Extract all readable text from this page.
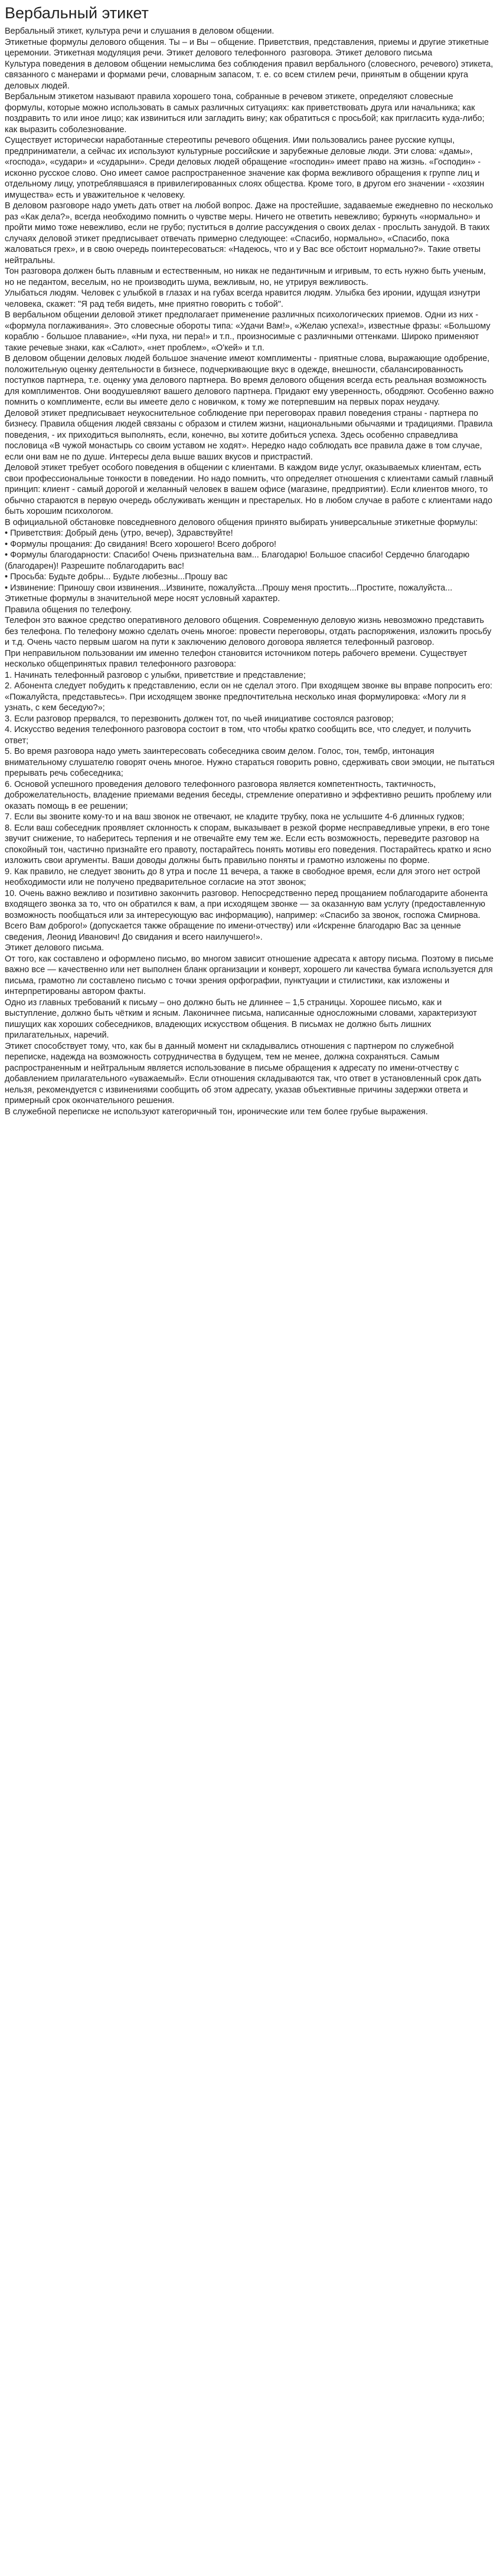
Вербальный этикет

Вербальный этикет, культура речи и слушания в деловом общении.

Этикетные формулы делового общения. Ты – и Вы – общение. Приветствия, представления, приемы и другие этикетные  церемонии. Этикетная модуляция речи. Этикет делового телефонного  разговора. Этикет делового письма

Культура поведения в деловом общении немыслима без соблюдения правил вербального (словесного, речевого) этикета, связанного с манерами и формами речи, словарным запасом, т. е. со всем стилем речи, принятым в общении круга деловых людей.

Вербальным этикетом называют правила хорошего тона, собранные в речевом этикете, определяют словесные формулы, которые можно использовать в самых различных ситуациях: как приветствовать друга или начальника; как поздравить то или иное лицо; как извиниться или загладить вину; как обратиться с просьбой; как пригласить куда-либо; как выразить соболезнование.

Существует исторически наработанные стереотипы речевого общения. Ими пользовались ранее русские купцы, предприниматели, а сейчас их используют культурные российские и зарубежные деловые люди. Эти слова: «дамы», «господа», «судари» и «сударыни». Среди деловых людей обращение «господин» имеет право на жизнь. «Господин» - исконно русское слово. Оно имеет самое распространенное значение как форма вежливого обращения к группе лиц и отдельному лицу, употреблявшаяся в привилегированных слоях общества. Кроме того, в другом его значении - «хозяин имущества» есть и уважительное к человеку.

В деловом разговоре надо уметь дать ответ на любой вопрос. Даже на простейшие, задаваемые ежедневно по несколько раз «Как дела?», всегда необходимо помнить о чувстве меры. Ничего не ответить невежливо; буркнуть «нормально» и пройти мимо тоже невежливо, если не грубо; пуститься в долгие рассуждения о своих делах - прослыть занудой. В таких случаях деловой этикет предписывает отвечать примерно следующее: «Спасибо, нормально», «Спасибо, пока жаловаться грех», и в свою очередь поинтересоваться: «Надеюсь, что и у Вас все обстоит нормально?». Такие ответы нейтральны.

Тон разговора должен быть плавным и естественным, но никак не педантичным и игривым, то есть нужно быть ученым, но не педантом, веселым, но не производить шума, вежливым, но, не утрируя вежливость.

Улыбаться людям. Человек с улыбкой в глазах и на губах всегда нравится людям. Улыбка без иронии, идущая изнутри человека, скажет: "Я рад тебя видеть, мне приятно говорить с тобой".

В вербальном общении деловой этикет предполагает применение различных психологических приемов. Одни из них - «формула поглаживания». Это словесные обороты типа: «Удачи Вам!», «Желаю успеха!», известные фразы: «Большому кораблю - большое плавание», «Ни пуха, ни пера!» и т.п., произносимые с различными оттенками. Широко применяют такие речевые знаки, как «Салют», «нет проблем», «О'кей» и т.п.

В деловом общении деловых людей большое значение имеют комплименты - приятные слова, выражающие одобрение, положительную оценку деятельности в бизнесе, подчеркивающие вкус в одежде, внешности, сбалансированность поступков партнера, т.е. оценку ума делового партнера. Во время делового общения всегда есть реальная возможность для комплиментов. Они воодушевляют вашего делового партнера. Придают ему уверенность, ободряют. Особенно важно помнить о комплименте, если вы имеете дело с новичком, к тому же потерпевшим на первых порах неудачу.

Деловой этикет предписывает неукоснительное соблюдение при переговорах правил поведения страны - партнера по бизнесу. Правила общения людей связаны с образом и стилем жизни, национальными обычаями и традициями. Правила поведения, - их приходиться выполнять, если, конечно, вы хотите добиться успеха. Здесь особенно справедлива пословица «В чужой монастырь со своим уставом не ходят». Нередко надо соблюдать все правила даже в том случае, если они вам не по душе. Интересы дела выше ваших вкусов и пристрастий.

Деловой этикет требует особого поведения в общении с клиентами. В каждом виде услуг, оказываемых клиентам, есть свои профессиональные тонкости в поведении. Но надо помнить, что определяет отношения с клиентами самый главный принцип: клиент - самый дорогой и желанный человек в вашем офисе (магазине, предприятии). Если клиентов много, то обычно стараются в первую очередь обслуживать женщин и престарелых. Но в любом случае в работе с клиентами надо быть хорошим психологом.

В официальной обстановке повседневного делового общения принято выбирать универсальные этикетные формулы:

• Приветствия: Добрый день (утро, вечер), Здравствуйте!

• Формулы прощания: До свидания! Всего хорошего! Всего доброго!

• Формулы благодарности: Спасибо! Очень признательна вам... Благодарю! Большое спасибо! Сердечно благодарю (благодарен)! Разрешите поблагодарить вас!

• Просьба: Будьте добры... Будьте любезны...Прошу вас

• Извинение: Приношу свои извинения...Извините, пожалуйста...Прошу меня простить...Простите, пожалуйста...

Этикетные формулы в значительной мере носят условный характер.

Правила общения по телефону.

Телефон это важное средство оперативного делового общения. Современную деловую жизнь невозможно представить без телефона. По телефону можно сделать очень многое: провести переговоры, отдать распоряжения, изложить просьбу и т.д. Очень часто первым шагом на пути к заключению делового договора является телефонный разговор.

При неправильном пользовании им именно телефон становится источником потерь рабочего времени. Существует несколько общепринятых правил телефонного разговора:

1. Начинать телефонный разговор с улыбки, приветствие и представление;

2. Абонента следует побудить к представлению, если он не сделал этого. При входящем звонке вы вправе попросить его: «Пожалуйста, представьтесь». При исходящем звонке предпочтительна несколько иная формулировка: «Могу ли я узнать, с кем беседую?»;

3. Если разговор прервался, то перезвонить должен тот, по чьей инициативе состоялся разговор;

4. Искусство ведения телефонного разговора состоит в том, что чтобы кратко сообщить все, что следует, и получить ответ;

5. Во время разговора надо уметь заинтересовать собеседника своим делом. Голос, тон, тембр, интонация внимательному слушателю говорят очень многое. Нужно стараться говорить ровно, сдерживать свои эмоции, не пытаться прерывать речь собеседника;

6. Основой успешного проведения делового телефонного разговора является компетентность, тактичность, доброжелательность, владение приемами ведения беседы, стремление оперативно и эффективно решить проблему или оказать помощь в ее решении;

7. Если вы звоните кому-то и на ваш звонок не отвечают, не кладите трубку, пока не услышите 4-6 длинных гудков;

8. Если ваш собеседник проявляет склонность к спорам, выказывает в резкой форме несправедливые упреки, в его тоне звучит снижение, то наберитесь терпения и не отвечайте ему тем же. Если есть возможность, переведите разговор на спокойный тон, частично признайте его правоту, постарайтесь понять мотивы его поведения. Постарайтесь кратко и ясно изложить свои аргументы. Ваши доводы должны быть правильно поняты и грамотно изложены по форме.

9. Как правило, не следует звонить до 8 утра и после 11 вечера, а также в свободное время, если для этого нет острой необходимости или не получено предварительное согласие на этот звонок;

10. Очень важно вежливо и позитивно закончить разговор. Непосредственно перед прощанием поблагодарите абонента входящего звонка за то, что он обратился к вам, а при исходящем звонке — за оказанную вам услугу (предоставленную возможность пообщаться или за интересующую вас информацию), например: «Спасибо за звонок, госпожа Смирнова. Всего Вам доброго!» (допускается также обращение по имени-отчеству) или «Искренне благодарю Вас за ценные сведения, Леонид Иванович! До свидания и всего наилучшего!».

Этикет делового письма.

От того, как составлено и оформлено письмо, во многом зависит отношение адресата к автору письма. Поэтому в письме важно все — качественно или нет выполнен бланк организации и конверт, хорошего ли качества бумага используется для письма, грамотно ли составлено письмо с точки зрения орфографии, пунктуации и стилистики, как изложены и интерпретированы автором факты.

Одно из главных требований к письму – оно должно быть не длиннее – 1,5 страницы. Хорошее письмо, как и выступление, должно быть чётким и ясным. Лаконичнее письма, написанные односложными словами, характеризуют пишущих как хороших собеседников, владеющих искусством общения. В письмах не должно быть лишних прилагательных, наречий.

Этикет способствует тому, что, как бы в данный момент ни складывались отношения с партнером по служебной переписке, надежда на возможность сотрудничества в будущем, тем не менее, должна сохраняться. Самым распространенным и нейтральным является использование в письме обращения к адресату по имени-отчеству с добавлением прилагательного «уважаемый». Если отношения складываются так, что ответ в установленный срок дать нельзя, рекомендуется с извинениями сообщить об этом адресату, указав объективные причины задержки ответа и примерный срок окончательного решения.

В служебной переписке не используют категоричный тон, иронические или тем более грубые выражения.
